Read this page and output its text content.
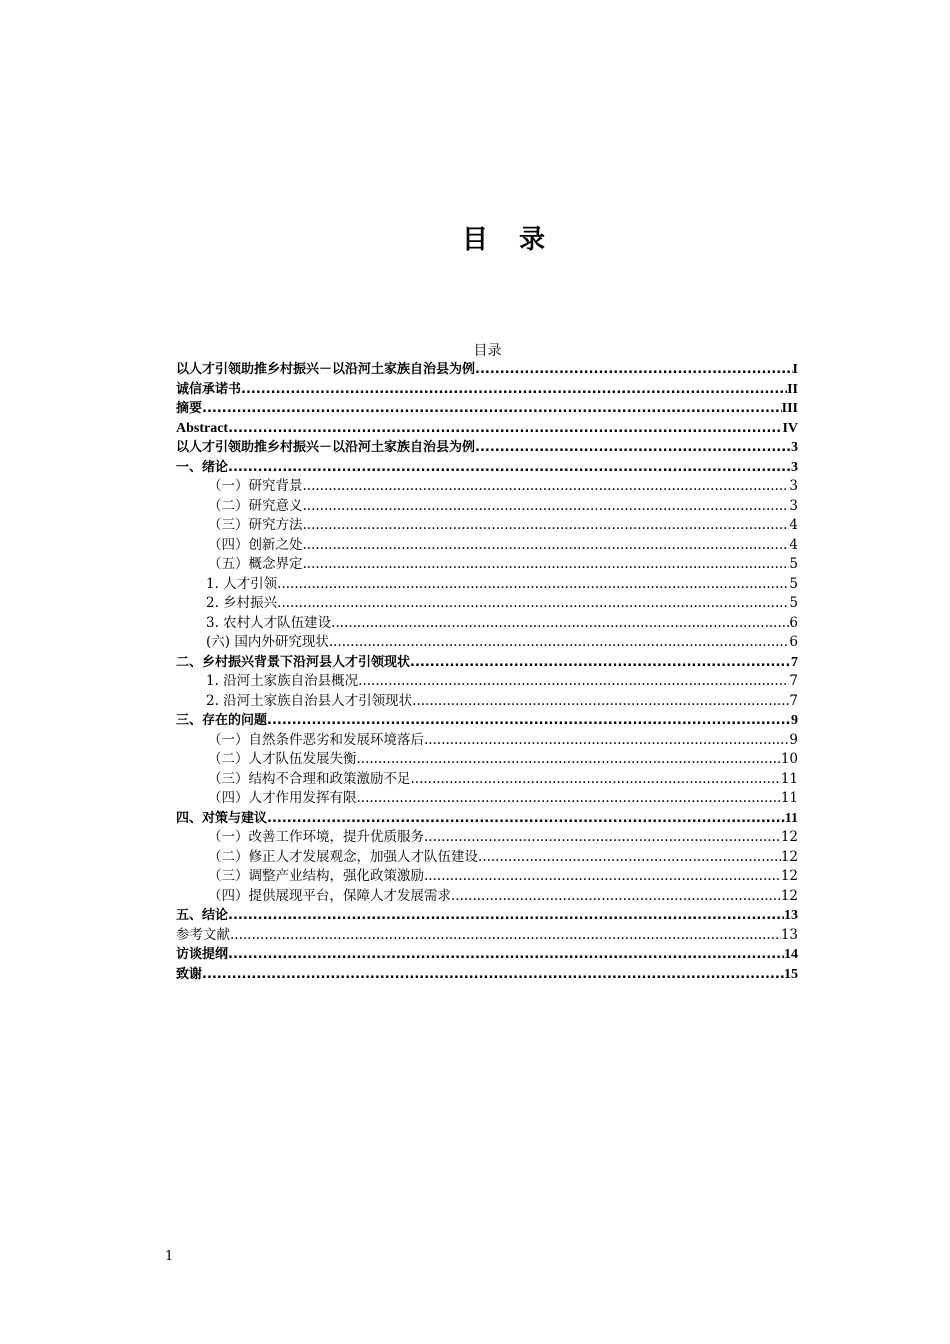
目 录
目录
以人才引领助推乡村振兴－以沿河土家族自治县为例 .....	I
诚信承诺书 .....	II
摘要 .....	III
Abstract .....	IV
以人才引领助推乡村振兴－以沿河土家族自治县为例 .....	3
一、绪论 .....	3
（一）研究背景 .....	3
（二）研究意义 .....	3
（三）研究方法 .....	4
（四）创新之处 .....	4
（五）概念界定 .....	5
1. 人才引领 .....	5
2. 乡村振兴 .....	5
3. 农村人才队伍建设 .....	6
(六) 国内外研究现状 .....	6
二、乡村振兴背景下沿河县人才引领现状 .....	7
1. 沿河土家族自治县概况 .....	7
2. 沿河土家族自治县人才引领现状 .....	7
三、存在的问题 .....	9
（一）自然条件恶劣和发展环境落后 .....	9
（二）人才队伍发展失衡 .....	10
（三）结构不合理和政策激励不足 .....	11
（四）人才作用发挥有限 .....	11
四、对策与建议 .....	11
（一）改善工作环境，提升优质服务 .....	12
（二）修正人才发展观念，加强人才队伍建设 .....	12
（三）调整产业结构，强化政策激励 .....	12
（四）提供展现平台，保障人才发展需求 .....	12
五、结论 .....	13
参考文献 .....	13
访谈提纲 .....	14
致谢 .....	15
1
